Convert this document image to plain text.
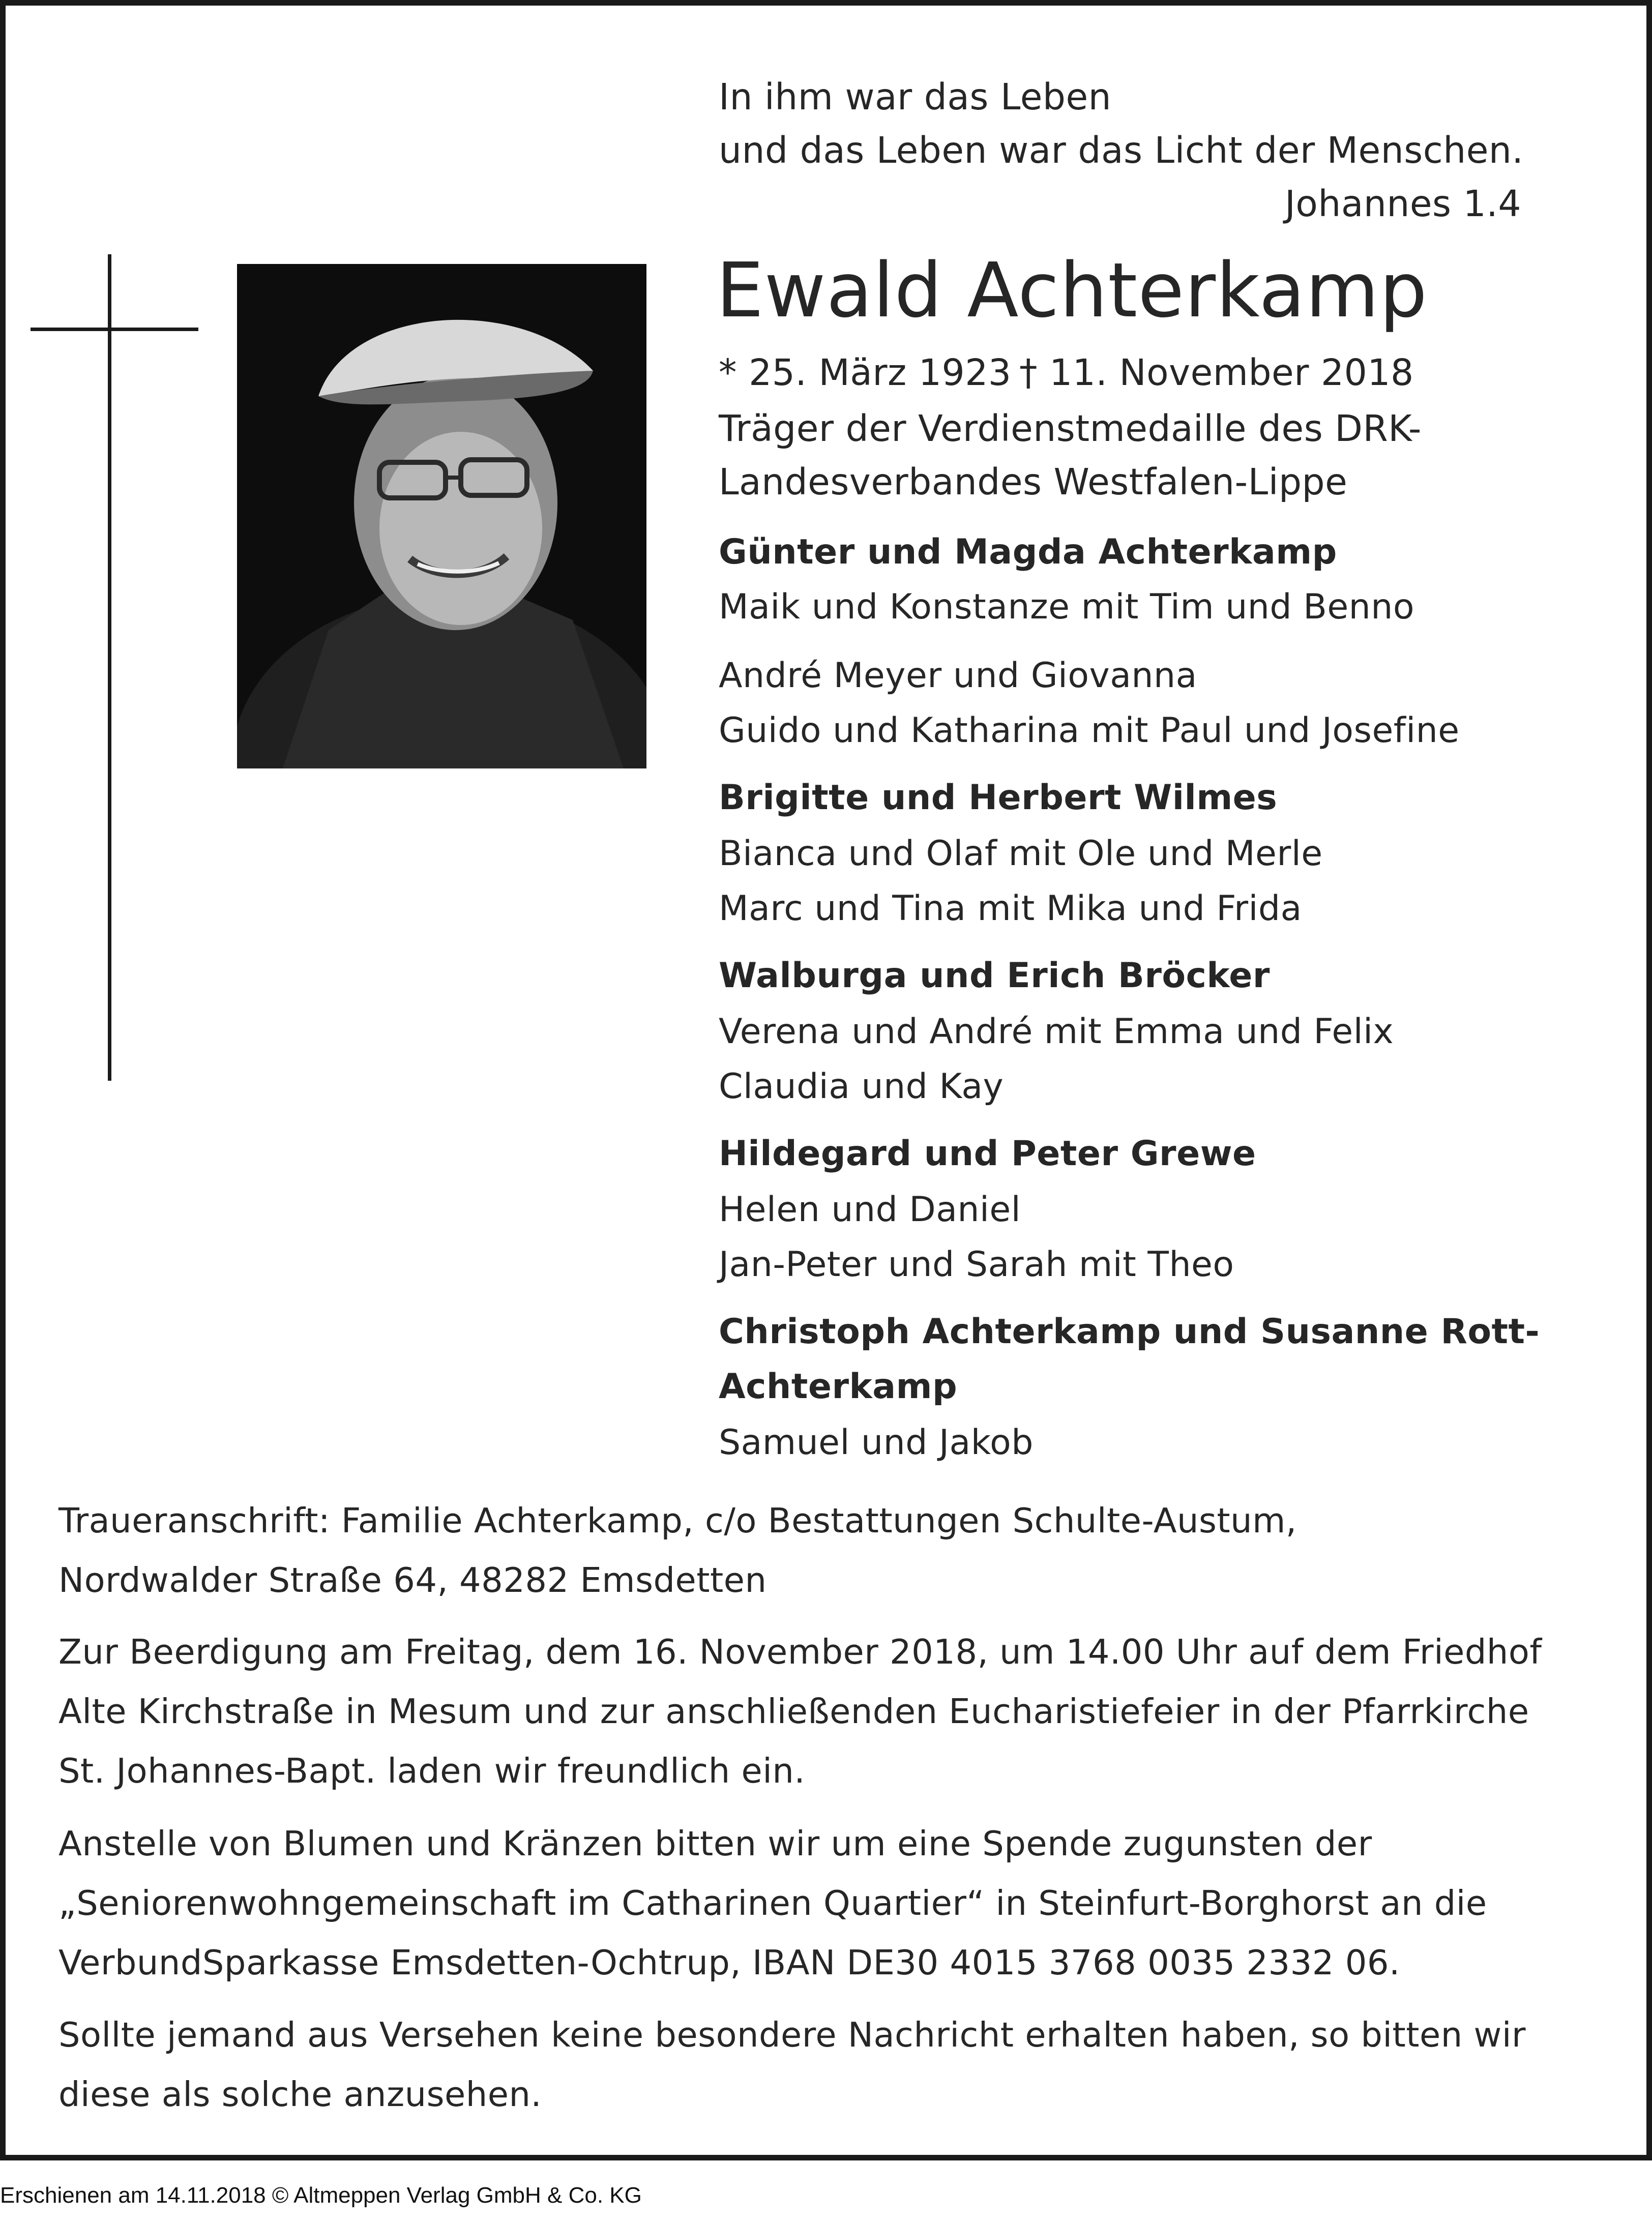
In ihm war das Leben
und das Leben war das Licht der Menschen.
Johannes 1.4
Ewald Achterkamp
* 25. März 1923 † 11. November 2018
Träger der Verdienstmedaille des DRK-
Landesverbandes Westfalen-Lippe
Günter und Magda Achterkamp
Maik und Konstanze mit Tim und Benno
André Meyer und Giovanna
Guido und Katharina mit Paul und Josefine
Brigitte und Herbert Wilmes
Bianca und Olaf mit Ole und Merle
Marc und Tina mit Mika und Frida
Walburga und Erich Bröcker
Verena und André mit Emma und Felix
Claudia und Kay
Hildegard und Peter Grewe
Helen und Daniel
Jan-Peter und Sarah mit Theo
Christoph Achterkamp und Susanne Rott-
Achterkamp
Samuel und Jakob
Traueranschrift: Familie Achterkamp, c/o Bestattungen Schulte-Austum,
Nordwalder Straße 64, 48282 Emsdetten
Zur Beerdigung am Freitag, dem 16. November 2018, um 14.00 Uhr auf dem Friedhof
Alte Kirchstraße in Mesum und zur anschließenden Eucharistiefeier in der Pfarrkirche
St. Johannes-Bapt. laden wir freundlich ein.
Anstelle von Blumen und Kränzen bitten wir um eine Spende zugunsten der
„Seniorenwohngemeinschaft im Catharinen Quartier“ in Steinfurt-Borghorst an die
VerbundSparkasse Emsdetten-Ochtrup, IBAN DE30 4015 3768 0035 2332 06.
Sollte jemand aus Versehen keine besondere Nachricht erhalten haben, so bitten wir
diese als solche anzusehen.
Erschienen am 14.11.2018 © Altmeppen Verlag GmbH & Co. KG
